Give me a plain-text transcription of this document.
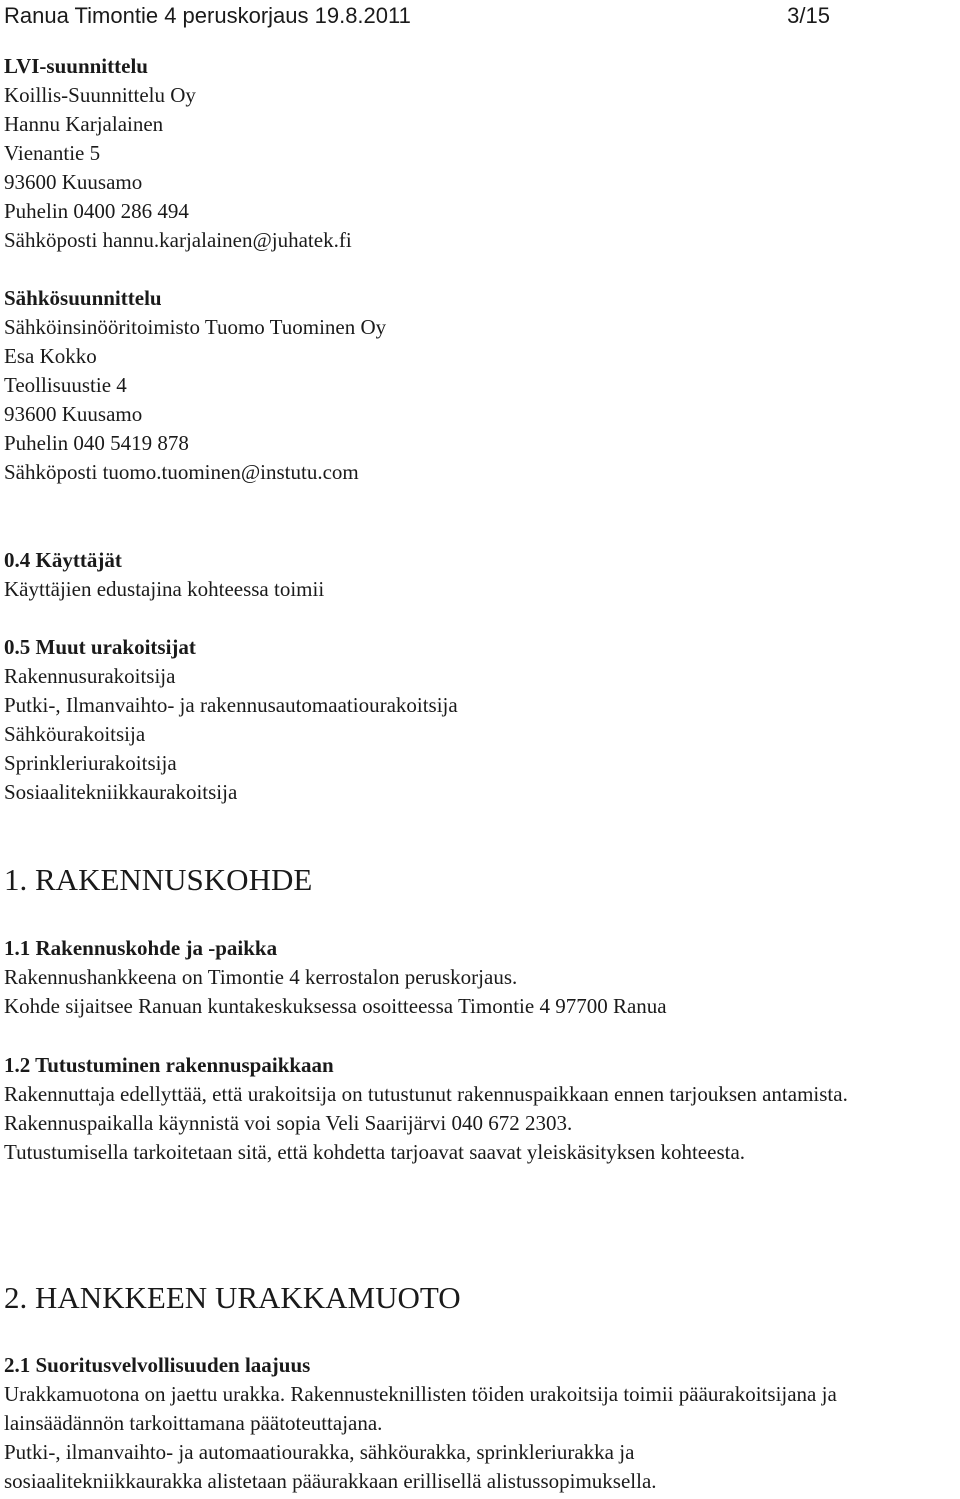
Ranua Timontie 4 peruskorjaus 19.8.2011	3/15
LVI-suunnittelu
Koillis-Suunnittelu Oy
Hannu Karjalainen
Vienantie 5
93600 Kuusamo
Puhelin 0400 286 494
Sähköposti hannu.karjalainen@juhatek.fi
Sähkösuunnittelu
Sähköinsinööritoimisto Tuomo Tuominen Oy
Esa Kokko
Teollisuustie 4
93600 Kuusamo
Puhelin 040 5419 878
Sähköposti tuomo.tuominen@instutu.com
0.4 Käyttäjät
Käyttäjien edustajina kohteessa toimii
0.5 Muut urakoitsijat
Rakennusurakoitsija
Putki-, Ilmanvaihto- ja rakennusautomaatiourakoitsija
Sähköurakoitsija
Sprinkleriurakoitsija
Sosiaalitekniikkaurakoitsija
1. RAKENNUSKOHDE
1.1 Rakennuskohde ja -paikka
Rakennushankkeena on Timontie 4 kerrostalon peruskorjaus.
Kohde sijaitsee Ranuan kuntakeskuksessa osoitteessa Timontie 4 97700 Ranua
1.2 Tutustuminen rakennuspaikkaan
Rakennuttaja edellyttää, että urakoitsija on tutustunut rakennuspaikkaan ennen tarjouksen antamista.
Rakennuspaikalla käynnistä voi sopia Veli Saarijärvi 040 672 2303.
Tutustumisella tarkoitetaan sitä, että kohdetta tarjoavat saavat yleiskäsityksen kohteesta.
2. HANKKEEN URAKKAMUOTO
2.1 Suoritusvelvollisuuden laajuus
Urakkamuotona on jaettu urakka. Rakennusteknillisten töiden urakoitsija toimii pääurakoitsijana ja lainsäädännön tarkoittamana päätoteuttajana.
Putki-, ilmanvaihto- ja automaatiourakka, sähköurakka, sprinkleriurakka ja sosiaalitekniikkaurakka alistetaan pääurakkaan erillisellä alistussopimuksella.
